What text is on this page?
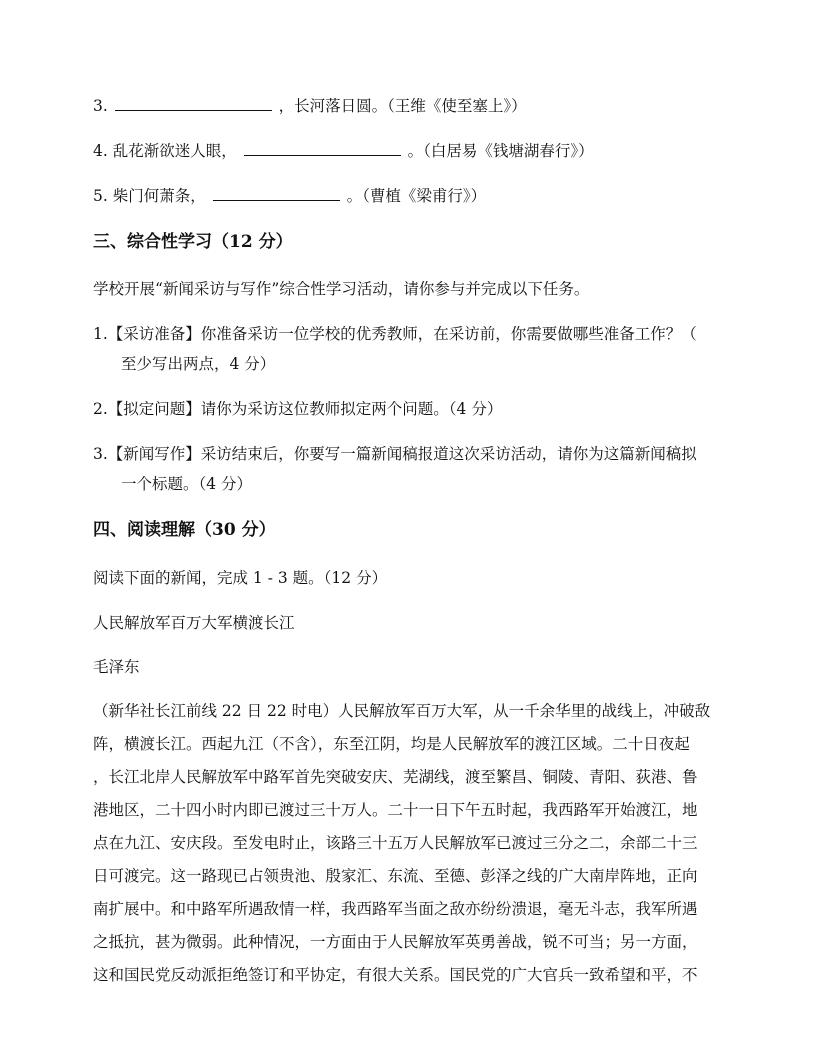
3.	，长河落日圆。（王维《使至塞上》）
4. 乱花渐欲迷人眼，	。（白居易《钱塘湖春行》）
5. 柴门何萧条，	。（曹植《梁甫行》）
三、综合性学习（12 分）
学校开展“新闻采访与写作”综合性学习活动，请你参与并完成以下任务。
1.【采访准备】你准备采访一位学校的优秀教师，在采访前，你需要做哪些准备工作？（
至少写出两点，4 分）
2.【拟定问题】请你为采访这位教师拟定两个问题。（4 分）
3.【新闻写作】采访结束后，你要写一篇新闻稿报道这次采访活动，请你为这篇新闻稿拟
一个标题。（4 分）
四、阅读理解（30 分）
阅读下面的新闻，完成 1 - 3 题。（12 分）
人民解放军百万大军横渡长江
毛泽东
（新华社长江前线 22 日 22 时电）人民解放军百万大军，从一千余华里的战线上，冲破敌
阵，横渡长江。西起九江（不含），东至江阴，均是人民解放军的渡江区域。二十日夜起
，长江北岸人民解放军中路军首先突破安庆、芜湖线，渡至繁昌、铜陵、青阳、荻港、鲁
港地区，二十四小时内即已渡过三十万人。二十一日下午五时起，我西路军开始渡江，地
点在九江、安庆段。至发电时止，该路三十五万人民解放军已渡过三分之二，余部二十三
日可渡完。这一路现已占领贵池、殷家汇、东流、至德、彭泽之线的广大南岸阵地，正向
南扩展中。和中路军所遇敌情一样，我西路军当面之敌亦纷纷溃退，毫无斗志，我军所遇
之抵抗，甚为微弱。此种情况，一方面由于人民解放军英勇善战，锐不可当；另一方面，
这和国民党反动派拒绝签订和平协定，有很大关系。国民党的广大官兵一致希望和平，不
